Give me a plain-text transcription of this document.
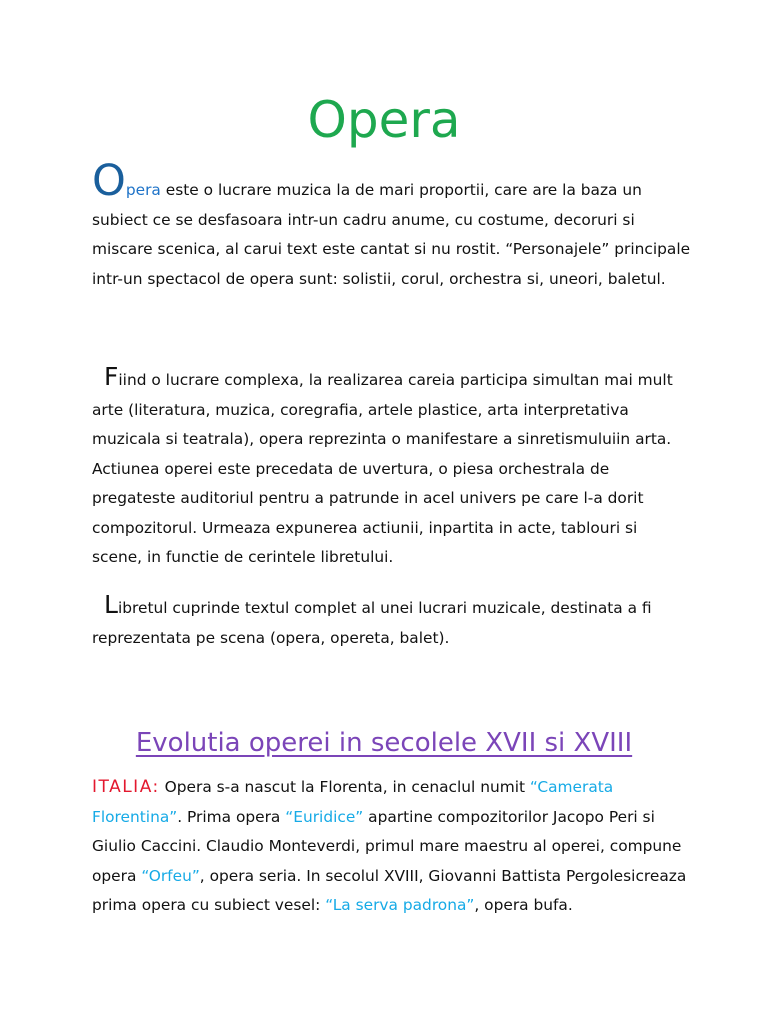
Opera

Opera este o lucrare muzica la de mari proportii, care are la baza un subiect ce se desfasoara intr-un cadru anume, cu costume, decoruri si miscare scenica, al carui text este cantat si nu rostit. “Personajele” principale intr-un spectacol de opera sunt: solistii, corul, orchestra si, uneori, baletul.

Fiind o lucrare complexa, la realizarea careia participa simultan mai mult arte (literatura, muzica, coregrafia, artele plastice, arta interpretativa muzicala si teatrala), opera reprezinta o manifestare a sinretismuluiin arta. Actiunea operei este precedata de uvertura, o piesa orchestrala de pregateste auditoriul pentru a patrunde in acel univers pe care l-a dorit compozitorul. Urmeaza expunerea actiunii, inpartita in acte, tablouri si scene, in functie de cerintele libretului.

Libretul cuprinde textul complet al unei lucrari muzicale, destinata a fi reprezentata pe scena (opera, opereta, balet).

Evolutia operei in secolele XVII si XVIII

ITALIA: Opera s-a nascut la Florenta, in cenaclul numit “Camerata Florentina”. Prima opera “Euridice” apartine compozitorilor Jacopo Peri si Giulio Caccini. Claudio Monteverdi, primul mare maestru al operei, compune opera “Orfeu”, opera seria. In secolul XVIII, Giovanni Battista Pergolesicreaza prima opera cu subiect vesel: “La serva padrona”, opera bufa.
